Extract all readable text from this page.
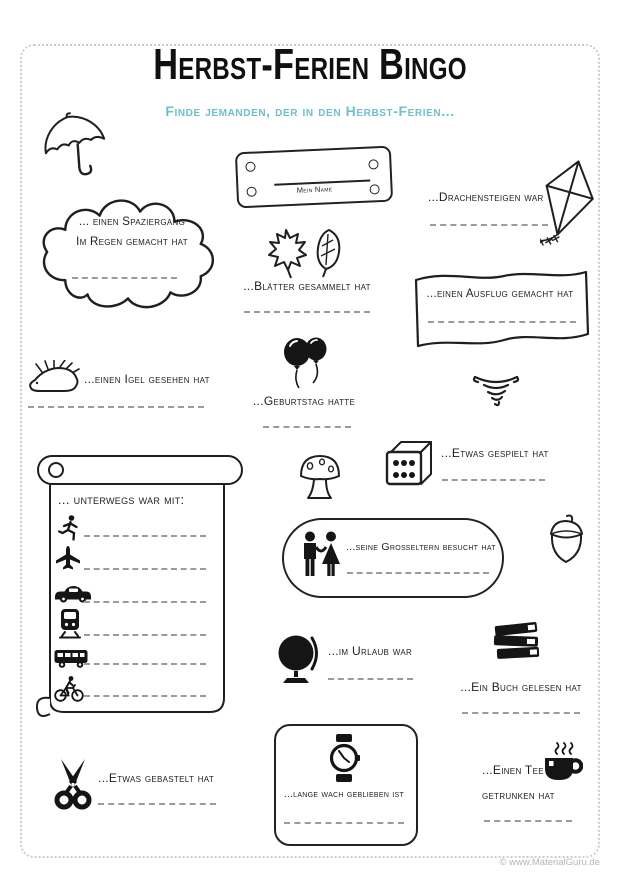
Herbst-Ferien Bingo
Finde jemanden, der in den Herbst-Ferien...
... einen Spaziergang
Im Regen gemacht hat
Mein Name
...Drachensteigen war
...Blätter gesammelt hat
...einen Ausflug gemacht hat
...einen Igel gesehen hat
...Geburtstag hatte
...Etwas gespielt hat
... unterwegs war mit:
...seine Großeltern besucht hat
...im Urlaub war
...Ein Buch gelesen hat
...Etwas gebastelt hat
...lange wach geblieben ist
...Einen Tee
getrunken hat
© www.MaterialGuru.de
